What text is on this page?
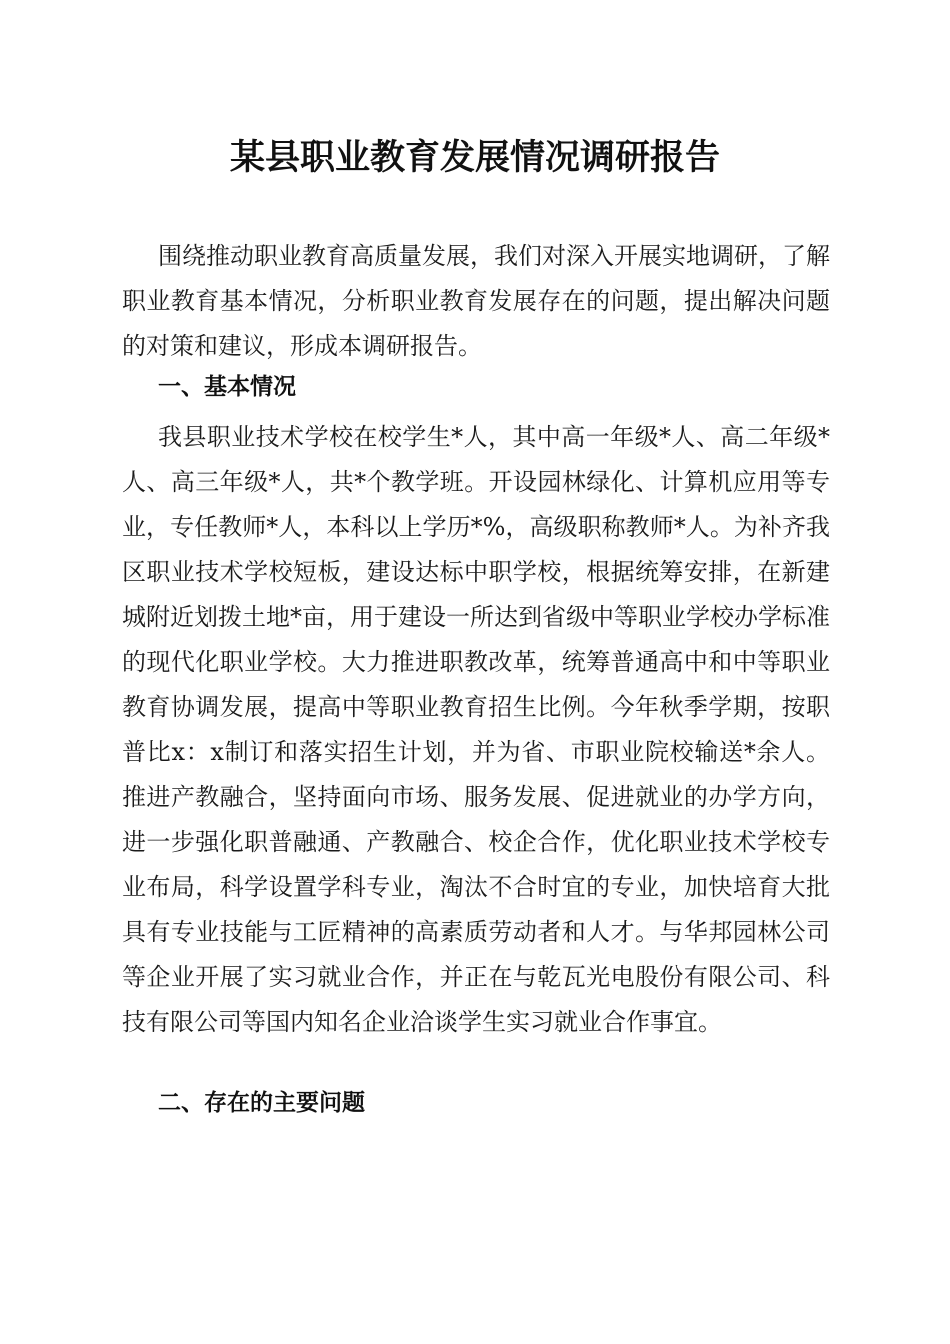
某县职业教育发展情况调研报告

围绕推动职业教育高质量发展，我们对深入开展实地调研，了解职业教育基本情况，分析职业教育发展存在的问题，提出解决问题的对策和建议，形成本调研报告。

一、基本情况

我县职业技术学校在校学生*人，其中高一年级*人、高二年级*人、高三年级*人，共*个教学班。开设园林绿化、计算机应用等专业，专任教师*人，本科以上学历*%，高级职称教师*人。为补齐我区职业技术学校短板，建设达标中职学校，根据统筹安排，在新建城附近划拨土地*亩，用于建设一所达到省级中等职业学校办学标准的现代化职业学校。大力推进职教改革，统筹普通高中和中等职业教育协调发展，提高中等职业教育招生比例。今年秋季学期，按职普比x：x制订和落实招生计划，并为省、市职业院校输送*余人。推进产教融合，坚持面向市场、服务发展、促进就业的办学方向，进一步强化职普融通、产教融合、校企合作，优化职业技术学校专业布局，科学设置学科专业，淘汰不合时宜的专业，加快培育大批具有专业技能与工匠精神的高素质劳动者和人才。与华邦园林公司等企业开展了实习就业合作，并正在与乾瓦光电股份有限公司、科技有限公司等国内知名企业洽谈学生实习就业合作事宜。

二、存在的主要问题
